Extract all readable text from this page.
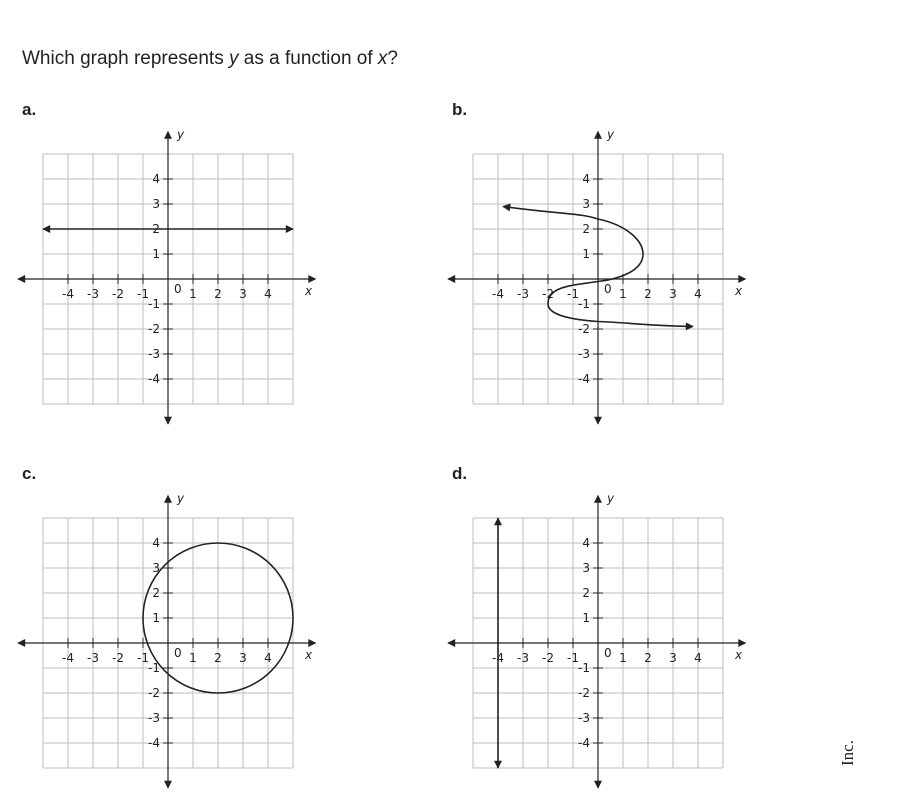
Which graph represents y as a function of x?

a.	b.
c.	d.
-4 -3 -2 -1	1 2 3 4
4
3
2
1
-1
-2
-3
-4
0	x
y
-4 -3 -2 -1	1 2 3 4
4
3
2
1
-1
-2
-3
-4
0	x
y
-4 -3 -2 -1	1 2 3 4
4
3
2
1
-1
-2
-3
-4
0	x
y
-4 -3 -2 -1	1 2 3 4
4
3
2
1
-1
-2
-3
-4
0	x
y
Inc.
